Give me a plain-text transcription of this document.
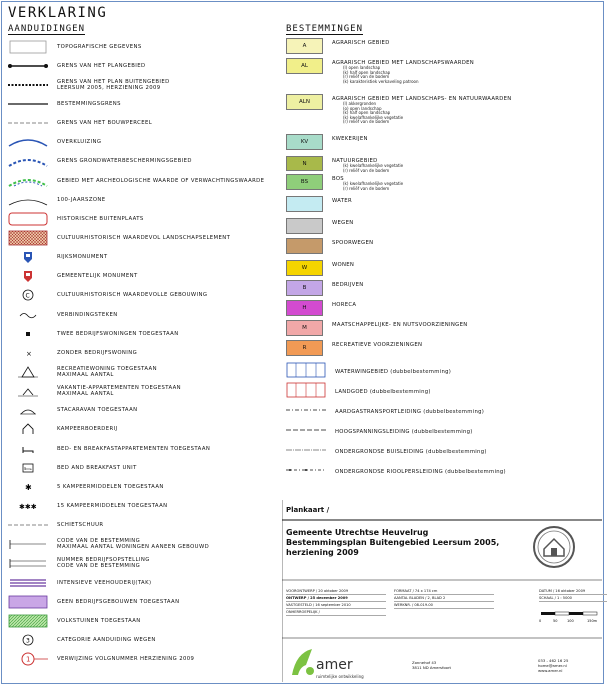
VERKLARING
AANDUIDINGEN	BESTEMMINGEN
TOPOGRAFISCHE GEGEVENS
GRENS VAN HET PLANGEBIED
GRENS VAN HET PLAN BUITENGEBIED
LEERSUM 2005, HERZIENING 2009
BESTEMMINGSGRENS
GRENS VAN HET BOUWPERCEEL
OVERKLUIZING
GRENS GRONDWATERBESCHERMINGSGEBIED
GEBIED MET ARCHEOLOGISCHE WAARDE OF VERWACHTINGSWAARDE
100-JAARSZONE
HISTORISCHE BUITENPLAATS
CULTUURHISTORISCH WAARDEVOL LANDSCHAPSELEMENT
RIJKSMONUMENT
GEMEENTELIJK MONUMENT
C	CULTUURHISTORISCH WAARDEVOLLE GEBOUWING
VERBINDINGSTEKEN
TWEE BEDRIJFSWONINGEN TOEGESTAAN
×	ZONDER BEDRIJFSWONING
RECREATIEWONING TOEGESTAAN
MAXIMAAL AANTAL
VAKANTIE-APPARTEMENTEN TOEGESTAAN
MAXIMAAL AANTAL
STACARAVAN TOEGESTAAN
KAMPEERBOERDERIJ
BED- EN BREAKFASTAPPARTEMENTEN TOEGESTAAN
BED AND BREAKFAST UNIT
✱	5 KAMPEERMIDDELEN TOEGESTAAN
✱✱✱	15 KAMPEERMIDDELEN TOEGESTAAN
SCHIETSCHUUR
CODE VAN DE BESTEMMING
MAXIMAAL AANTAL WONINGEN AANEEN GEBOUWD
NUMMER BEDRIJFSOPSTELLING
CODE VAN DE BESTEMMING
INTENSIEVE VEEHOUDERIJ(TAK)
GEEN BEDRIJFSGEBOUWEN TOEGESTAAN
VOLKSTUINEN TOEGESTAAN
3	CATEGORIE AANDUIDING WEGEN
1	VERWIJZING VOLGNUMMER HERZIENING 2009
A	AGRARISCH GEBIED
AL	AGRARISCH GEBIED MET LANDSCHAPSWAARDEN
(l) open landschap
(k) half open landschap
(r) reliëf van de bodem
(k) karakteristiek verkaveling patroon
ALN	AGRARISCH GEBIED MET LANDSCHAPS- EN NATUURWAARDEN
(l) akkergronden
(o) open landschap
(k) half open landschap
(k) kwelafhankelijke vegetatie
(r) reliëf van de bodem
KV	KWEKERIJEN
N	NATUURGEBIED
(k) kwelafhankelijke vegetatie
(r) reliëf van de bodem
BS	BOS
(k) kwelafhankelijke vegetatie
(r) reliëf van de bodem
WATER
WEGEN
SPOORWEGEN
W	WONEN
B	BEDRIJVEN
H	HORECA
M	MAATSCHAPPELIJKE- EN NUTSVOORZIENINGEN
R	RECREATIEVE VOORZIENINGEN
WATERWINGEBIED (dubbelbestemming)
LANDGOED (dubbelbestemming)
AARDGASTRANSPORTLEIDING (dubbelbestemming)
HOOGSPANNINGSLEIDING (dubbelbestemming)
ONDERGRONDSE BUISLEIDING (dubbelbestemming)
ONDERGRONDSE RIOOLPERSLEIDING (dubbelbestemming)
Plankaart /
Gemeente Utrechtse Heuvelrug
Bestemmingsplan Buitengebied Leersum 2005,
herziening 2009
VOORONTWERP / 20 oktober 2009
ONTWERP / 25 december 2009
VASTGESTELD / 16 september 2010
ONHERROEPELIJK /
FORMAAT / 74 x 174 cm
AANTAL BLADEN / 2, BLAD 2
WERKNR. / 08-019-00
DATUM / 16 oktober 2009
SCHAAL / 1 : 5000
0	50	100	150m
amer
ruimtelijke ontwikkeling
Zonnehof 43
3811 ND Amersfoort
033 - 462 16 25
home@amer.nl
www.amer.nl
